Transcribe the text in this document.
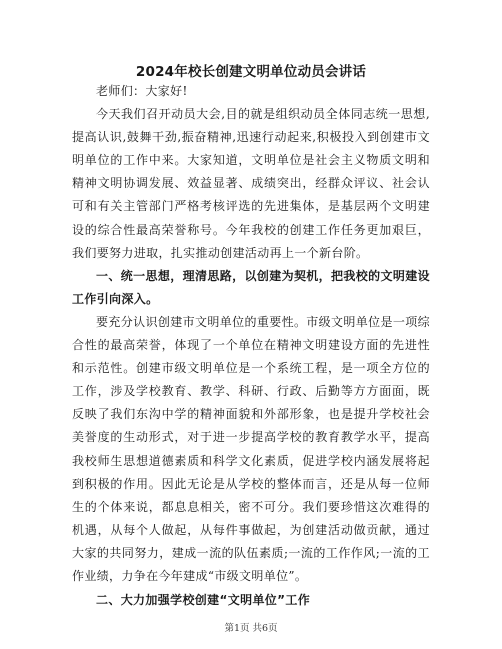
2024年校长创建文明单位动员会讲话

老师们：大家好!

今天我们召开动员大会,目的就是组织动员全体同志统一思想,提高认识,鼓舞干劲,振奋精神,迅速行动起来,积极投入到创建市文明单位的工作中来。大家知道，文明单位是社会主义物质文明和精神文明协调发展、效益显著、成绩突出，经群众评议、社会认可和有关主管部门严格考核评选的先进集体，是基层两个文明建设的综合性最高荣誉称号。今年我校的创建工作任务更加艰巨，我们要努力进取，扎实推动创建活动再上一个新台阶。

一、统一思想，理清思路，以创建为契机，把我校的文明建设工作引向深入。

要充分认识创建市文明单位的重要性。市级文明单位是一项综合性的最高荣誉，体现了一个单位在精神文明建设方面的先进性和示范性。创建市级文明单位是一个系统工程，是一项全方位的工作，涉及学校教育、教学、科研、行政、后勤等方方面面，既反映了我们东沟中学的精神面貌和外部形象，也是提升学校社会美誉度的生动形式，对于进一步提高学校的教育教学水平，提高我校师生思想道德素质和科学文化素质，促进学校内涵发展将起到积极的作用。因此无论是从学校的整体而言，还是从每一位师生的个体来说，都息息相关，密不可分。我们要珍惜这次难得的机遇，从每个人做起，从每件事做起，为创建活动做贡献，通过大家的共同努力，建成一流的队伍素质;一流的工作作风;一流的工作业绩，力争在今年建成“市级文明单位”。

二、大力加强学校创建“文明单位”工作

第1页 共6页
